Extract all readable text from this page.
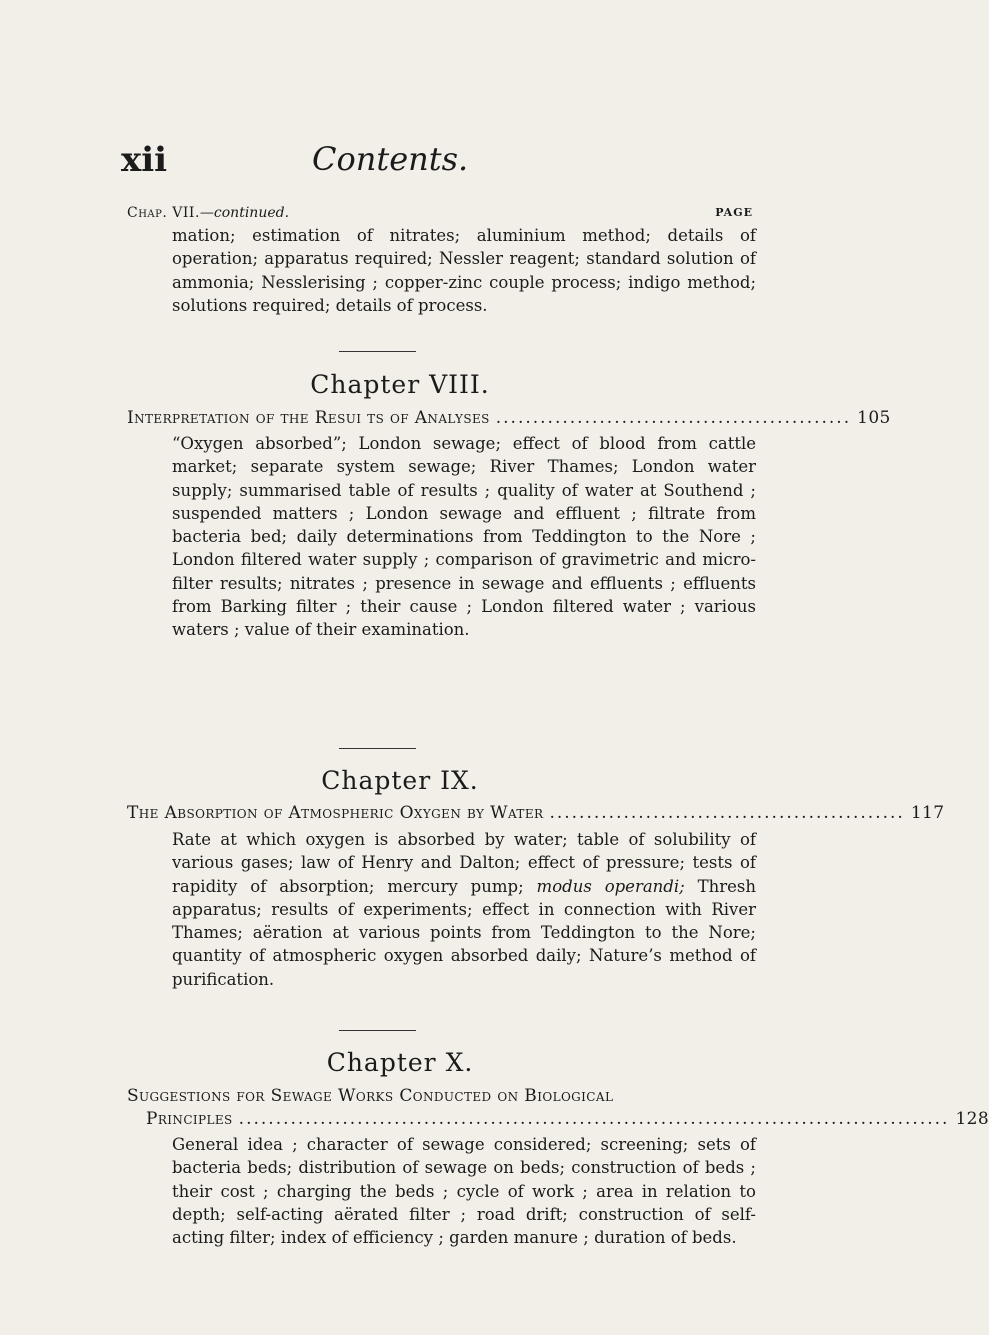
xii	Contents.
Chap. VII.—continued.	PAGE
mation; estimation of nitrates; aluminium method; details of operation; apparatus required; Nessler reagent; standard solution of ammonia; Nesslerising ; copper-zinc couple process; indigo method; solutions required; details of process.
Chapter VIII.
Interpretation of the Resui ts of Analyses ................................................ 105
“Oxygen absorbed”; London sewage; effect of blood from cattle market; separate system sewage; River Thames; London water supply; summarised table of results ; quality of water at Southend ; suspended matters ; London sewage and effluent ; filtrate from bacteria bed; daily determinations from Teddington to the Nore ; London filtered water supply ; comparison of gravimetric and micro-filter results; nitrates ; presence in sewage and effluents ; effluents from Barking filter ; their cause ; London filtered water ; various waters ; value of their examination.
Chapter IX.
The Absorption of Atmospheric Oxygen by Water ................................................ 117
Rate at which oxygen is absorbed by water; table of solubility of various gases; law of Henry and Dalton; effect of pressure; tests of rapidity of absorption; mercury pump; modus operandi; Thresh apparatus; results of experiments; effect in connection with River Thames; aëration at various points from Teddington to the Nore; quantity of atmospheric oxygen absorbed daily; Nature’s method of purification.
Chapter X.
Suggestions for Sewage Works Conducted on Biological
Principles ................................................................................................ 128
General idea ; character of sewage considered; screening; sets of bacteria beds; distribution of sewage on beds; construction of beds ; their cost ; charging the beds ; cycle of work ; area in relation to depth; self-acting aërated filter ; road drift; construction of self-acting filter; index of efficiency ; garden manure ; duration of beds.
